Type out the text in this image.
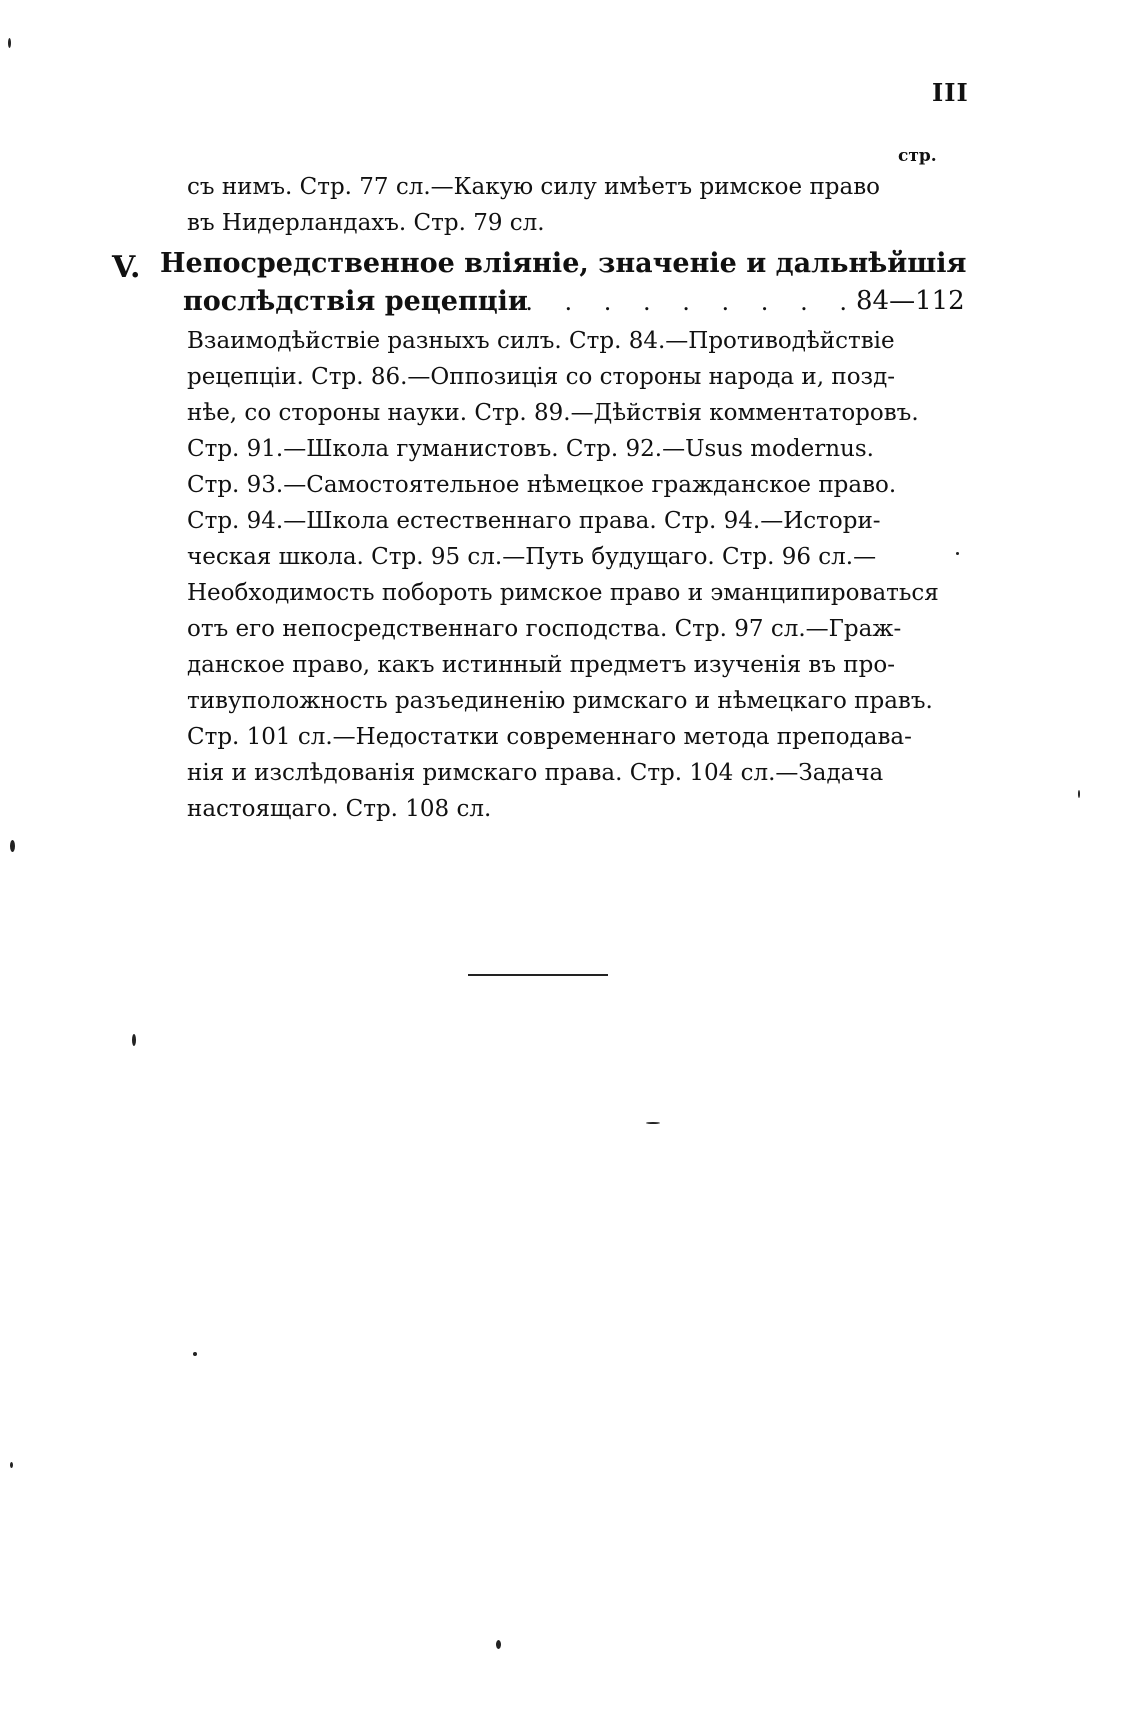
III
стр.
съ нимъ. Стр. 77 сл.—Какую силу имѣетъ римское право
въ Нидерландахъ. Стр. 79 сл.
V. Непосредственное вліяніе, значеніе и дальнѣйшія
послѣдствія рецепціи
. . . . . . . . . .
84—112
Взаимодѣйствіе разныхъ силъ. Стр. 84.—Противодѣйствіе
рецепціи. Стр. 86.—Оппозиція со стороны народа и, позд-
нѣе, со стороны науки. Стр. 89.—Дѣйствія комментаторовъ.
Стр. 91.—Школа гуманистовъ. Стр. 92.—Usus modernus.
Стр. 93.—Самостоятельное нѣмецкое гражданское право.
Стр. 94.—Школа естественнаго права. Стр. 94.—Истори-
ческая школа. Стр. 95 сл.—Путь будущаго. Стр. 96 сл.—
Необходимость побороть римское право и эманципироваться
отъ его непосредственнаго господства. Стр. 97 сл.—Граж-
данское право, какъ истинный предметъ изученія въ про-
тивуположность разъединенію римскаго и нѣмецкаго правъ.
Стр. 101 сл.—Недостатки современнаго метода преподава-
нія и изслѣдованія римскаго права. Стр. 104 сл.—Задача
настоящаго. Стр. 108 сл.
